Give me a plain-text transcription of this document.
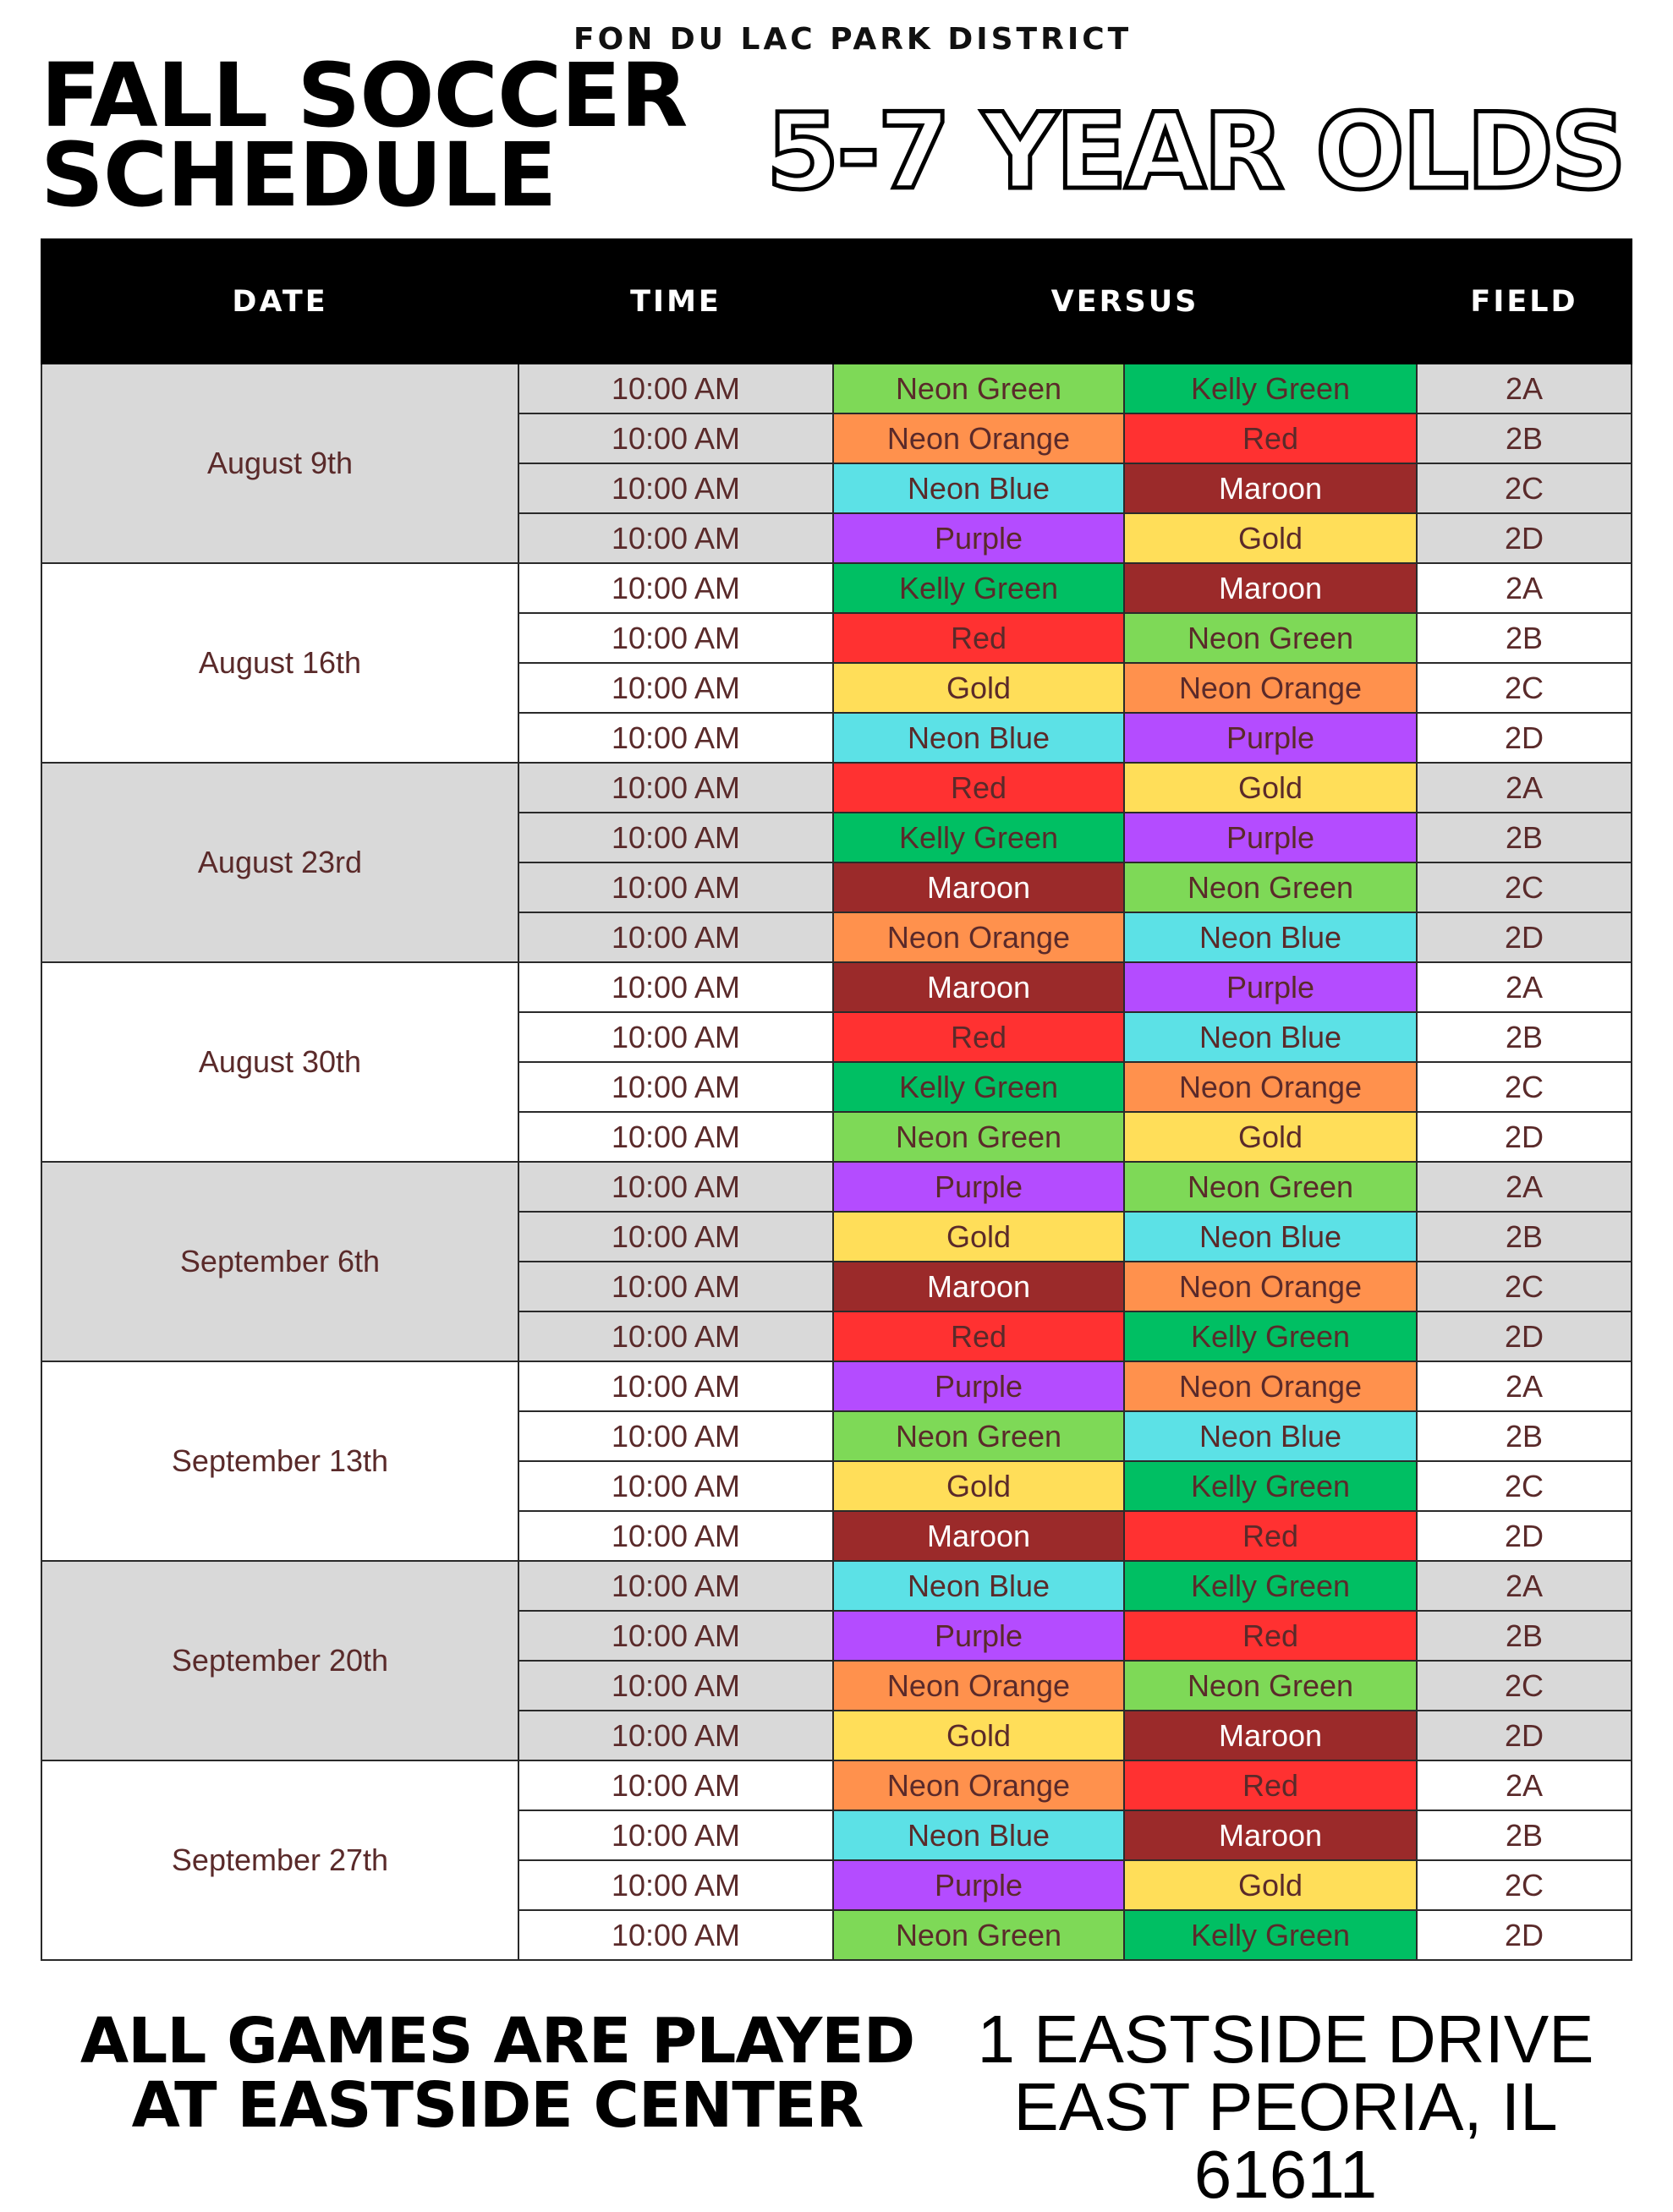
FON DU LAC PARK DISTRICT
FALL SOCCER
SCHEDULE	5-7 YEAR OLDS
DATE	TIME	VERSUS		FIELD
August 9th	10:00 AM	Neon Green	Kelly Green	2A
	10:00 AM	Neon Orange	Red	2B
	10:00 AM	Neon Blue	Maroon	2C
	10:00 AM	Purple	Gold	2D
August 16th	10:00 AM	Kelly Green	Maroon	2A
	10:00 AM	Red	Neon Green	2B
	10:00 AM	Gold	Neon Orange	2C
	10:00 AM	Neon Blue	Purple	2D
August 23rd	10:00 AM	Red	Gold	2A
	10:00 AM	Kelly Green	Purple	2B
	10:00 AM	Maroon	Neon Green	2C
	10:00 AM	Neon Orange	Neon Blue	2D
August 30th	10:00 AM	Maroon	Purple	2A
	10:00 AM	Red	Neon Blue	2B
	10:00 AM	Kelly Green	Neon Orange	2C
	10:00 AM	Neon Green	Gold	2D
September 6th	10:00 AM	Purple	Neon Green	2A
	10:00 AM	Gold	Neon Blue	2B
	10:00 AM	Maroon	Neon Orange	2C
	10:00 AM	Red	Kelly Green	2D
September 13th	10:00 AM	Purple	Neon Orange	2A
	10:00 AM	Neon Green	Neon Blue	2B
	10:00 AM	Gold	Kelly Green	2C
	10:00 AM	Maroon	Red	2D
September 20th	10:00 AM	Neon Blue	Kelly Green	2A
	10:00 AM	Purple	Red	2B
	10:00 AM	Neon Orange	Neon Green	2C
	10:00 AM	Gold	Maroon	2D
September 27th	10:00 AM	Neon Orange	Red	2A
	10:00 AM	Neon Blue	Maroon	2B
	10:00 AM	Purple	Gold	2C
	10:00 AM	Neon Green	Kelly Green	2D
ALL GAMES ARE PLAYED
AT EASTSIDE CENTER
1 EASTSIDE DRIVE
EAST PEORIA, IL 61611
